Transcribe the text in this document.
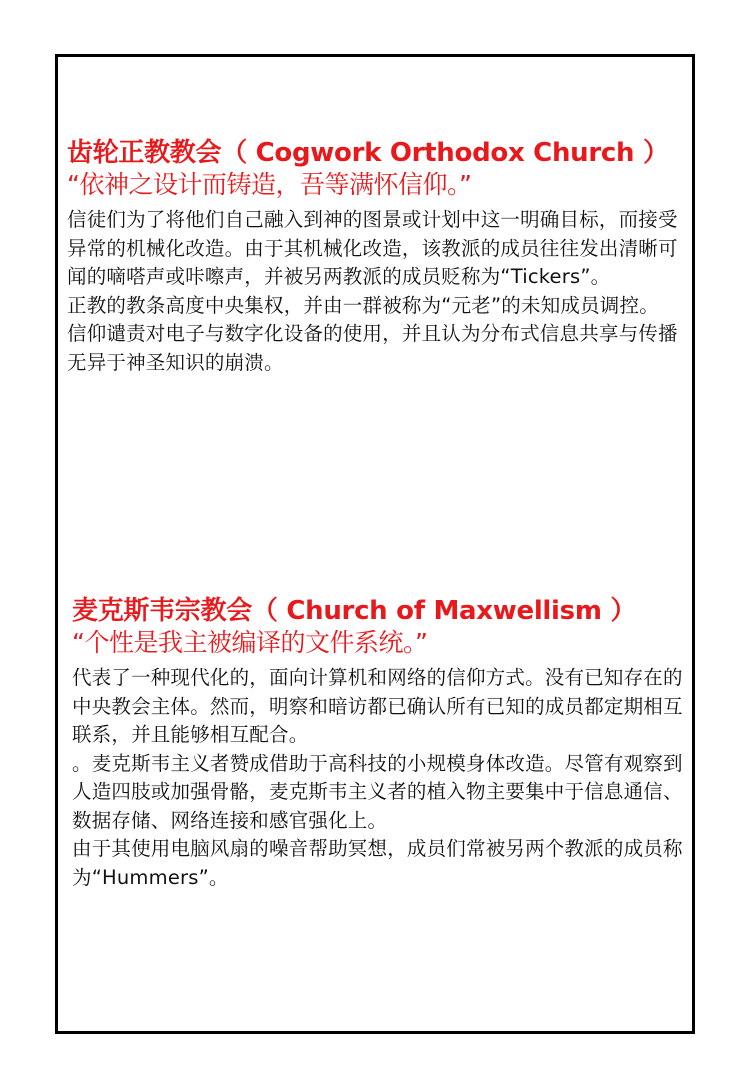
齿轮正教教会（ Cogwork Orthodox Church ）

“依神之设计而铸造，吾等满怀信仰。”

信徒们为了将他们自己融入到神的图景或计划中这一明确目标，而接受异常的机械化改造。由于其机械化改造，该教派的成员往往发出清晰可闻的嘀嗒声或咔嚓声，并被另两教派的成员贬称为“Tickers”。

正教的教条高度中央集权，并由一群被称为“元老”的未知成员调控。

信仰谴责对电子与数字化设备的使用，并且认为分布式信息共享与传播无异于神圣知识的崩溃。

麦克斯韦宗教会（ Church of Maxwellism ）

“个性是我主被编译的文件系统。”

代表了一种现代化的，面向计算机和网络的信仰方式。没有已知存在的中央教会主体。然而，明察和暗访都已确认所有已知的成员都定期相互联系，并且能够相互配合。

。麦克斯韦主义者赞成借助于高科技的小规模身体改造。尽管有观察到人造四肢或加强骨骼，麦克斯韦主义者的植入物主要集中于信息通信、数据存储、网络连接和感官强化上。

由于其使用电脑风扇的噪音帮助冥想，成员们常被另两个教派的成员称为“Hummers”。
